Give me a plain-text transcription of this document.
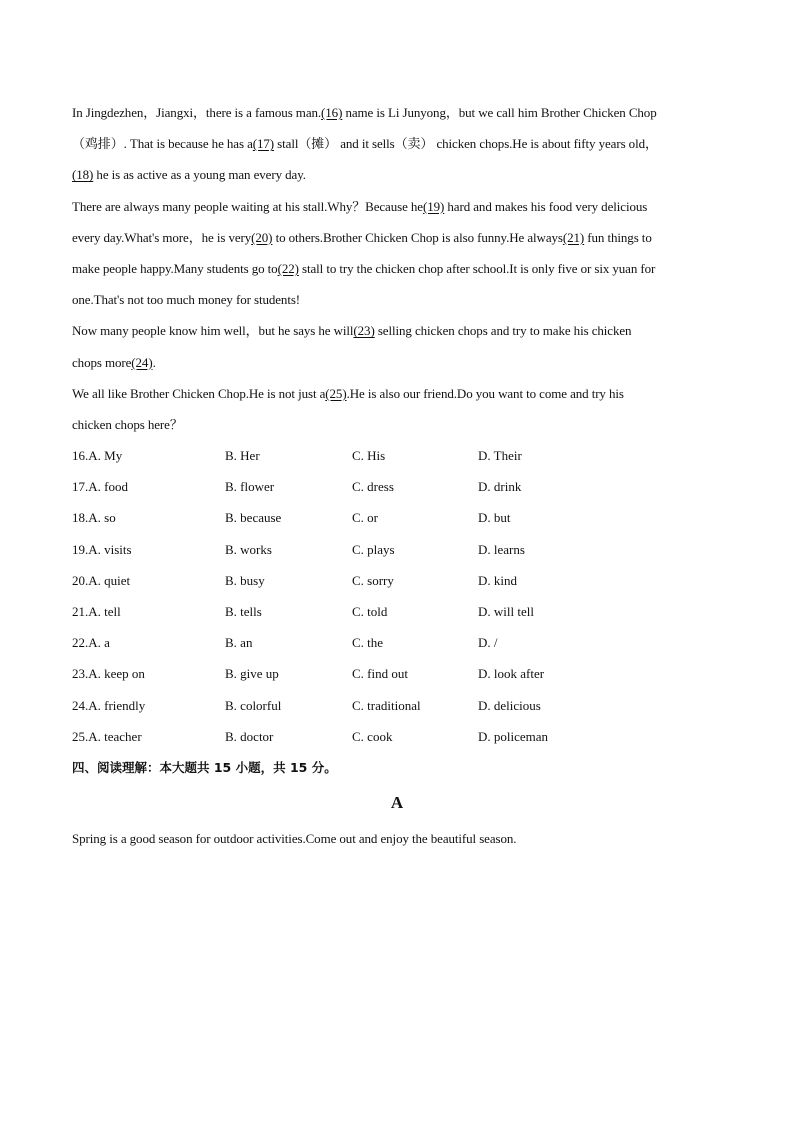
In Jingdezhen，Jiangxi，there is a famous man.(16) name is Li Junyong，but we call him Brother Chicken Chop
（鸡排）. That is because he has a(17) stall（摊） and it sells（卖） chicken chops.He is about fifty years old，
(18) he is as active as a young man every day.
There are always many people waiting at his stall.Why？Because he(19) hard and makes his food very delicious
every day.What's more，he is very(20) to others.Brother Chicken Chop is also funny.He always(21) fun things to
make people happy.Many students go to(22) stall to try the chicken chop after school.It is only five or six yuan for
one.That's not too much money for students!
Now many people know him well，but he says he will(23) selling chicken chops and try to make his chicken
chops more(24).
We all like Brother Chicken Chop.He is not just a(25).He is also our friend.Do you want to come and try his
chicken chops here？
16.A. My	B. Her	C. His	D. Their
17.A. food	B. flower	C. dress	D. drink
18.A. so	B. because	C. or	D. but
19.A. visits	B. works	C. plays	D. learns
20.A. quiet	B. busy	C. sorry	D. kind
21.A. tell	B. tells	C. told	D. will tell
22.A. a	B. an	C. the	D. /
23.A. keep on	B. give up	C. find out	D. look after
24.A. friendly	B. colorful	C. traditional	D. delicious
25.A. teacher	B. doctor	C. cook	D. policeman
四、阅读理解：本大题共 15 小题，共 15 分。
A
Spring is a good season for outdoor activities.Come out and enjoy the beautiful season.
